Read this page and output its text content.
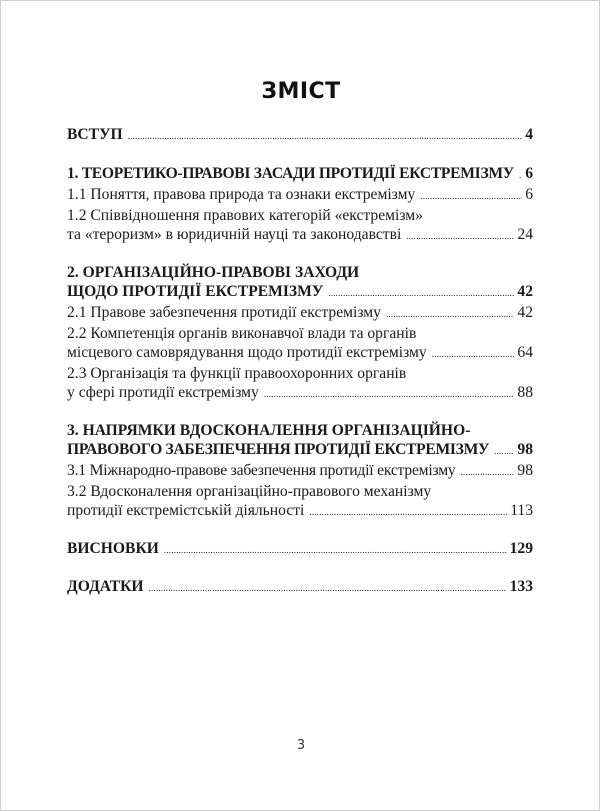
ЗМІСТ
ВСТУП .....	4
1. ТЕОРЕТИКО-ПРАВОВІ ЗАСАДИ ПРОТИДІЇ ЕКСТРЕМІЗМУ ..... 6
1.1 Поняття, правова природа та ознаки екстремізму .....	6
1.2 Співвідношення правових категорій «екстремізм»
та «тероризм» в юридичній науці та законодавстві .....	24
2. ОРГАНІЗАЦІЙНО-ПРАВОВІ ЗАХОДИ
ЩОДО ПРОТИДІЇ ЕКСТРЕМІЗМУ .....	42
2.1 Правове забезпечення протидії екстремізму .....	42
2.2 Компетенція органів виконавчої влади та органів
місцевого самоврядування щодо протидії екстремізму .....	64
2.3 Організація та функції правоохоронних органів
у сфері протидії екстремізму .....	88
3. НАПРЯМКИ ВДОСКОНАЛЕННЯ ОРГАНІЗАЦІЙНО-
ПРАВОВОГО ЗАБЕЗПЕЧЕННЯ ПРОТИДІЇ ЕКСТРЕМІЗМУ ..... 98
3.1 Міжнародно-правове забезпечення протидії екстремізму .....	98
3.2 Вдосконалення організаційно-правового механізму
протидії екстремістській діяльності .....	113
ВИСНОВКИ .....	129
ДОДАТКИ .....	133
3
